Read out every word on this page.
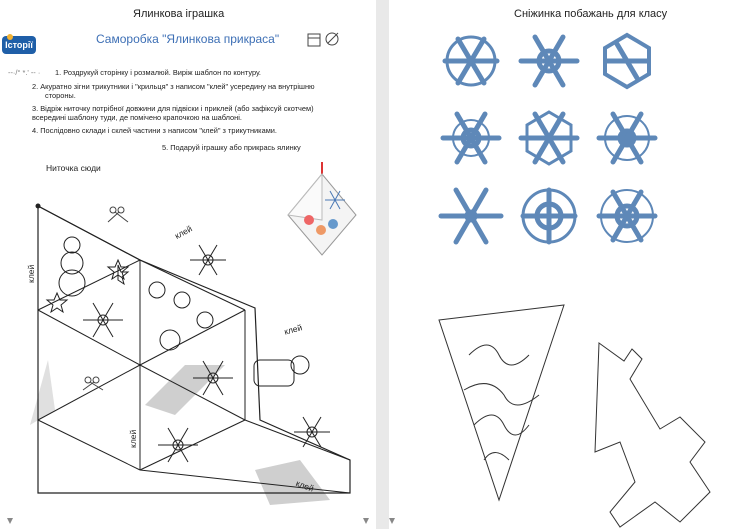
Ялинкова іграшка
Історії	Саморобка "Ялинкова прикраса"
--·/° *.' -- · 1. Роздрукуй сторінку і розмалюй. Виріж шаблон по контуру.
2. Акуратно зігни трикутники і "крильця" з написом "клей" усередину на внутрішню
стороны.
3. Відріж ниточку потрібної довжини для підвіски і приклей (або зафіксуй скотчем)
всередині шаблону туди, де помічено крапочкою на шаблоні.
4. Послідовно склади і склей частини з написом "клей" з трикутниками.
5. Подаруй іграшку або прикрась ялинку
Ниточка сюди
клей
клей
клей
клей
клей
Сніжинка побажань для класу
